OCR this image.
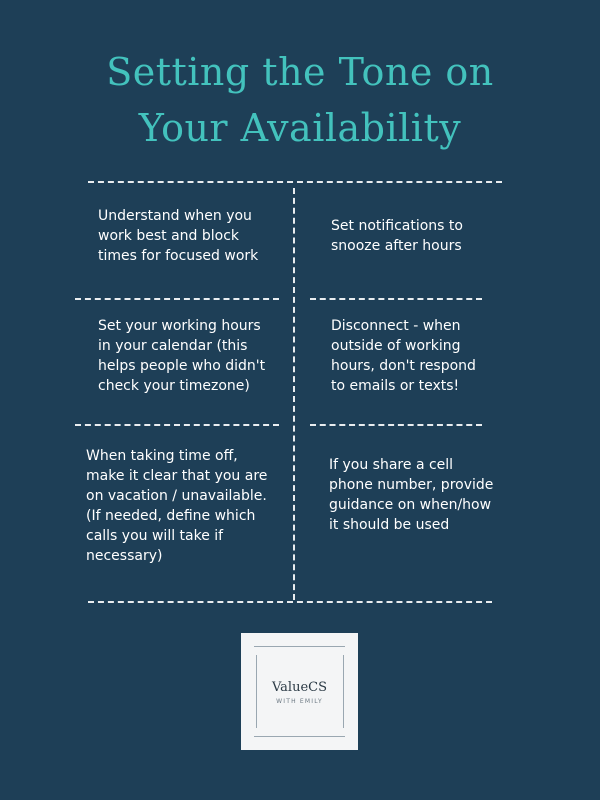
Setting the Tone on
Your Availability
Understand when you work best and block times for focused work
Set notifications to snooze after hours
Set your working hours in your calendar (this helps people who didn't check your timezone)
Disconnect - when outside of working hours, don't respond to emails or texts!
When taking time off, make it clear that you are on vacation / unavailable. (If needed, define which calls you will take if necessary)
If you share a cell phone number, provide guidance on when/how it should be used
ValueCS
WITH EMILY
